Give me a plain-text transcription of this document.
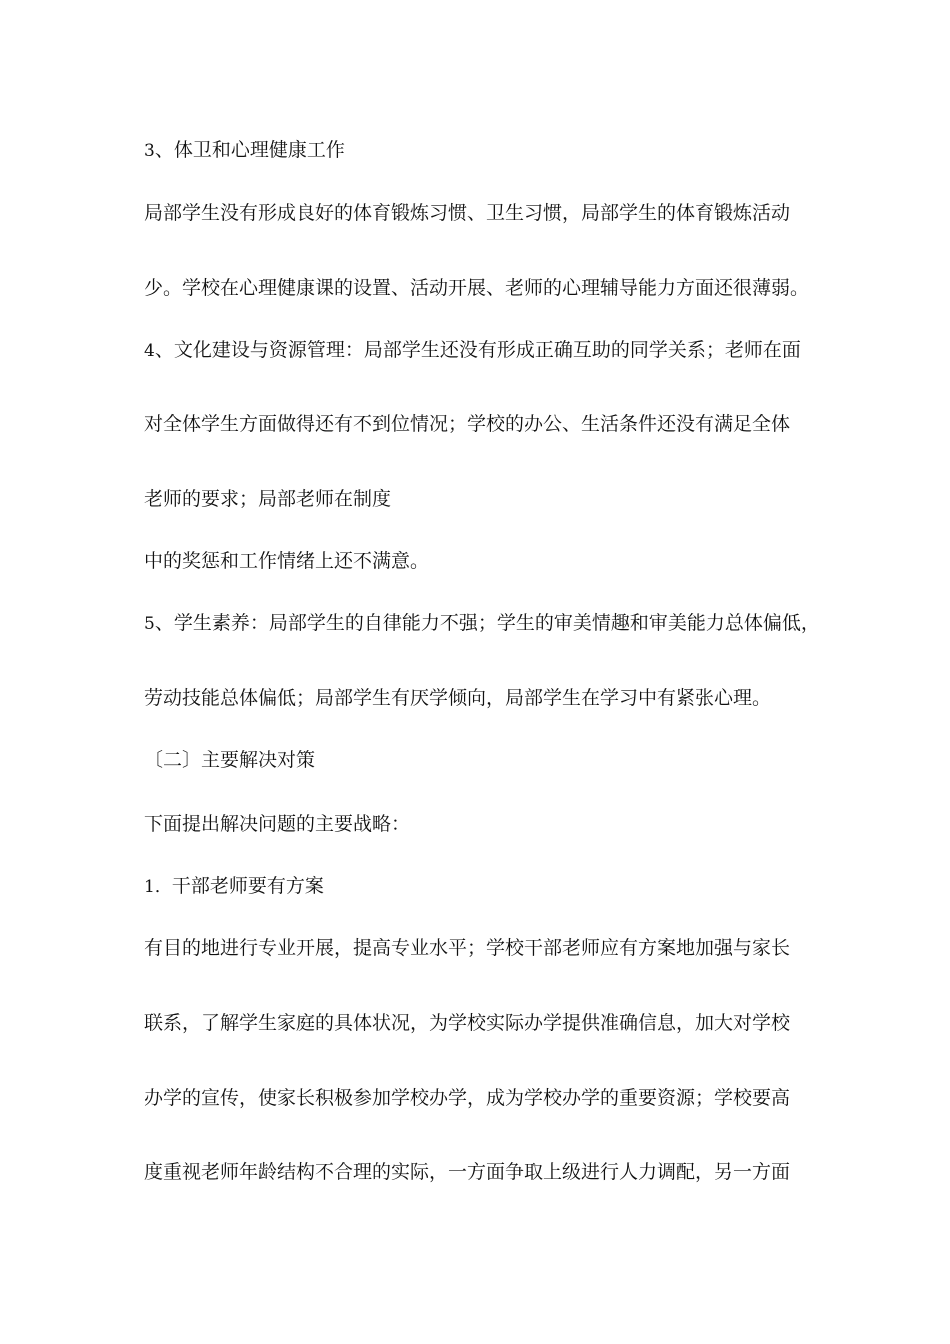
3、体卫和心理健康工作
局部学生没有形成良好的体育锻炼习惯、卫生习惯，局部学生的体育锻炼活动
少。学校在心理健康课的设置、活动开展、老师的心理辅导能力方面还很薄弱。
4、文化建设与资源管理：局部学生还没有形成正确互助的同学关系；老师在面
对全体学生方面做得还有不到位情况；学校的办公、生活条件还没有满足全体
老师的要求；局部老师在制度
中的奖惩和工作情绪上还不满意。
5、学生素养：局部学生的自律能力不强；学生的审美情趣和审美能力总体偏低，
劳动技能总体偏低；局部学生有厌学倾向，局部学生在学习中有紧张心理。
〔二〕主要解决对策
下面提出解决问题的主要战略：
1．干部老师要有方案
有目的地进行专业开展，提高专业水平；学校干部老师应有方案地加强与家长
联系，了解学生家庭的具体状况，为学校实际办学提供准确信息，加大对学校
办学的宣传，使家长积极参加学校办学，成为学校办学的重要资源；学校要高
度重视老师年龄结构不合理的实际，一方面争取上级进行人力调配，另一方面
